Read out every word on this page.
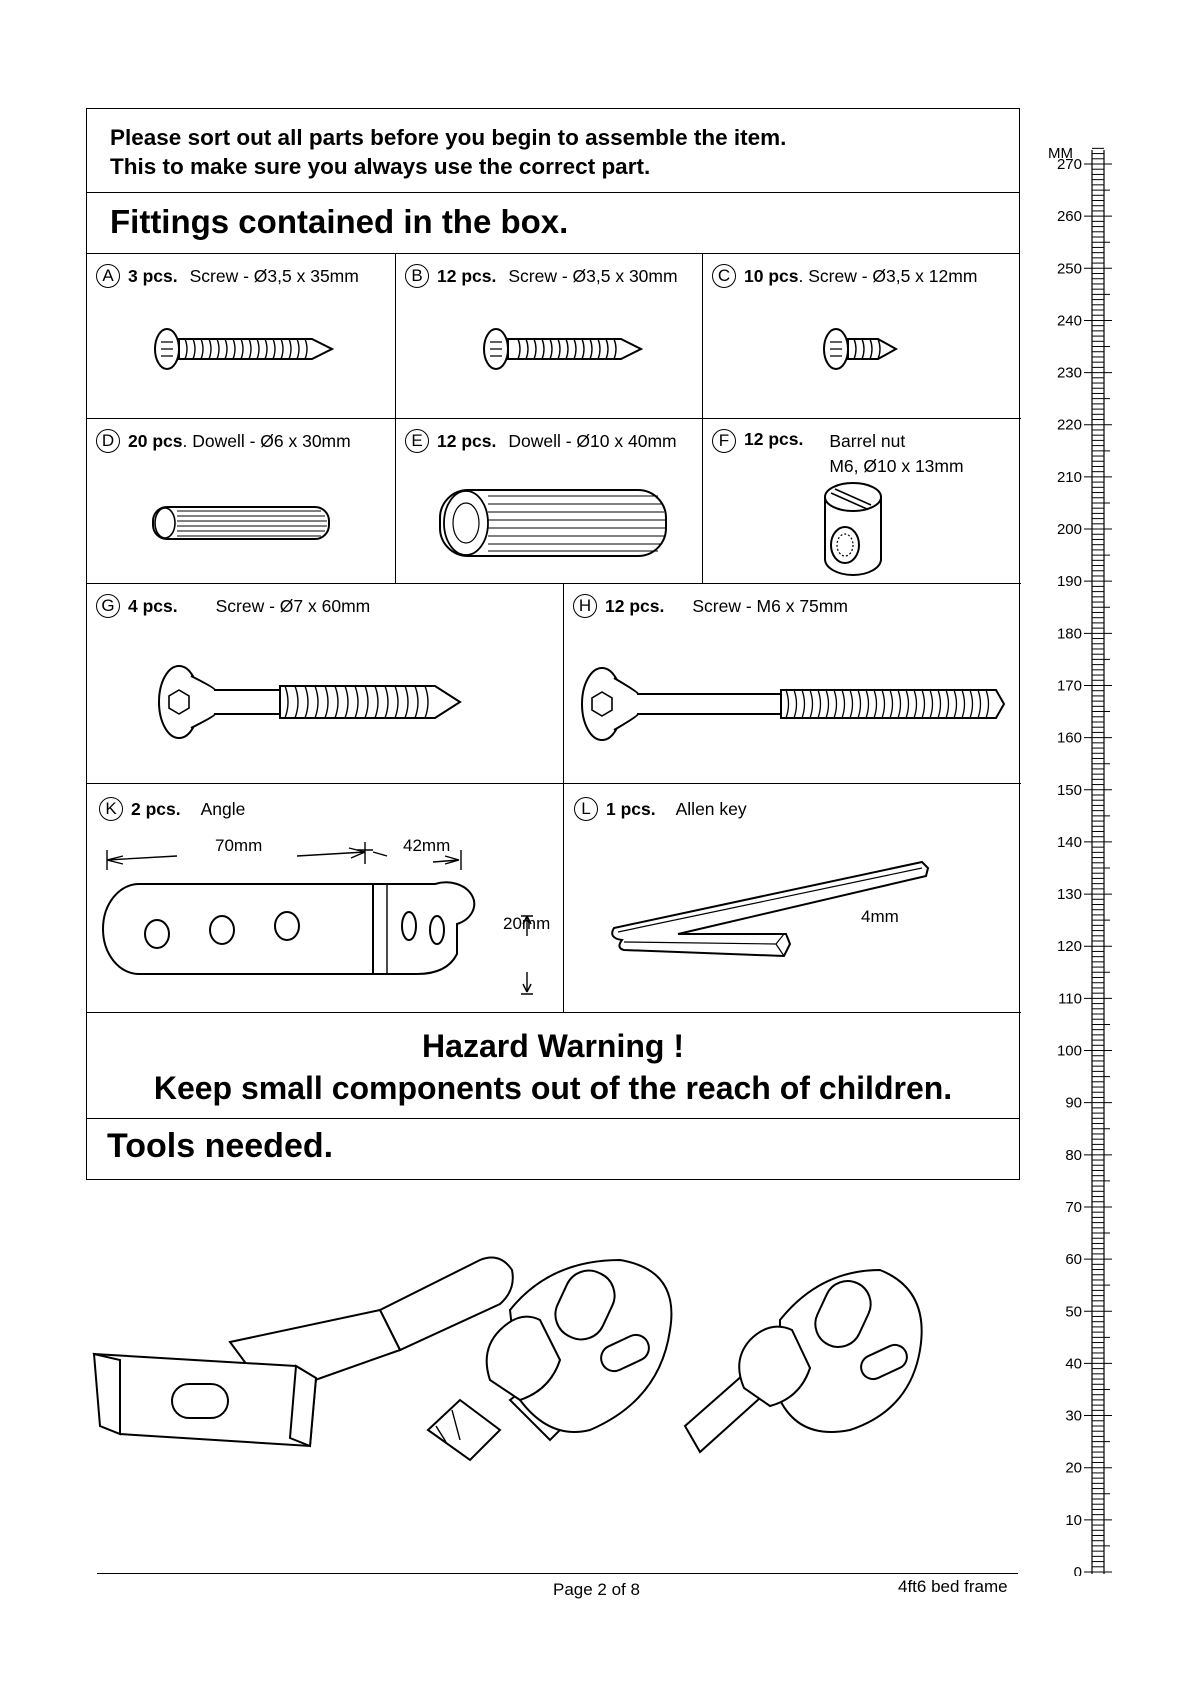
Please sort out all parts before you begin to assemble the item.
This to make sure you always use the correct part.
Fittings contained in the box.
A 3 pcs. Screw - Ø3,5 x 35mm	B 12 pcs. Screw - Ø3,5 x 30mm	C 10 pcs . Screw - Ø3,5 x 12mm
D 20 pcs . Dowell - Ø6 x 30mm	E 12 pcs. Dowell - Ø10 x 40mm	F 12 pcs. Barrel nut
M6, Ø10 x 13mm
G 4 pcs. Screw - Ø7 x 60mm	H 12 pcs. Screw - M6 x 75mm
K 2 pcs. Angle
70mm	42mm
20mm
L 1 pcs. Allen key
4mm
Hazard Warning !
Keep small components out of the reach of children.
Tools needed.
MM
270
260
250
240
230
220
210
200
190
180
170
160
150
140
130
120
110
100
90
80
70
60
50
40
30
20
10
0
Page 2 of 8	4ft6 bed frame
